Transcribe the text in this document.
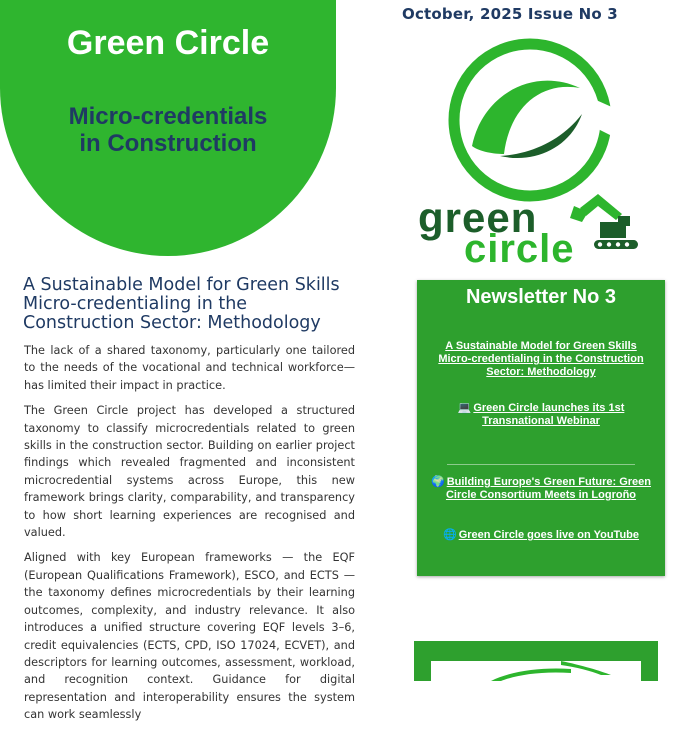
Green Circle
Micro-credentials
in Construction
October, 2025 Issue No 3
green
circle
A Sustainable Model for Green Skills Micro-credentialing in the Construction Sector: Methodology

The lack of a shared taxonomy, particularly one tailored to the needs of the vocational and technical workforce— has limited their impact in practice.

The Green Circle project has developed a structured taxonomy to classify microcredentials related to green skills in the construction sector. Building on earlier project findings which revealed fragmented and inconsistent microcredential systems across Europe, this new framework brings clarity, comparability, and transparency to how short learning experiences are recognised and valued.

Aligned with key European frameworks — the EQF (European Qualifications Framework), ESCO, and ECTS — the taxonomy defines microcredentials by their learning outcomes, complexity, and industry relevance. It also introduces a unified structure covering EQF levels 3–6, credit equivalencies (ECTS, CPD, ISO 17024, ECVET), and descriptors for learning outcomes, assessment, workload, and recognition context. Guidance for digital representation and interoperability ensures the system can work seamlessly

Newsletter No 3
A Sustainable Model for Green Skills Micro-credentialing in the Construction Sector: Methodology
💻 Green Circle launches its 1st Transnational Webinar
🌍 Building Europe's Green Future: Green Circle Consortium Meets in Logroño
🌐 Green Circle goes live on YouTube
